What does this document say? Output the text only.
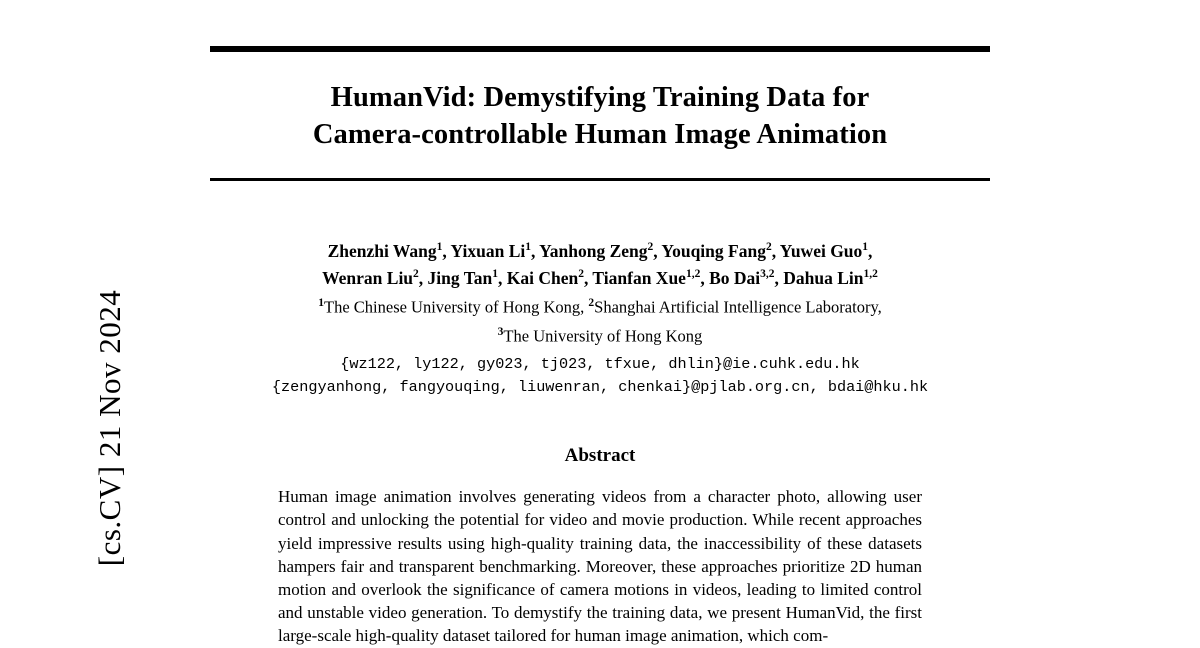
[cs.CV] 21 Nov 2024
HumanVid: Demystifying Training Data for
Camera-controllable Human Image Animation
Zhenzhi Wang$^1$, Yixuan Li$^1$, Yanhong Zeng$^2$, Youqing Fang$^2$, Yuwei Guo$^1$,
Wenran Liu$^2$, Jing Tan$^1$, Kai Chen$^2$, Tianfan Xue$^{1,2}$, Bo Dai$^{3,2}$, Dahua Lin$^{1,2}$
$^1$The Chinese University of Hong Kong, $^2$Shanghai Artificial Intelligence Laboratory,
$^3$The University of Hong Kong
{wz122, ly122, gy023, tj023, tfxue, dhlin}@ie.cuhk.edu.hk
{zengyanhong, fangyouqing, liuwenran, chenkai}@pjlab.org.cn, bdai@hku.hk
Abstract

Human image animation involves generating videos from a character photo, allowing user control and unlocking the potential for video and movie production. While recent approaches yield impressive results using high-quality training data, the inaccessibility of these datasets hampers fair and transparent benchmarking. Moreover, these approaches prioritize 2D human motion and overlook the significance of camera motions in videos, leading to limited control and unstable video generation. To demystify the training data, we present HumanVid, the first large-scale high-quality dataset tailored for human image animation, which com-
